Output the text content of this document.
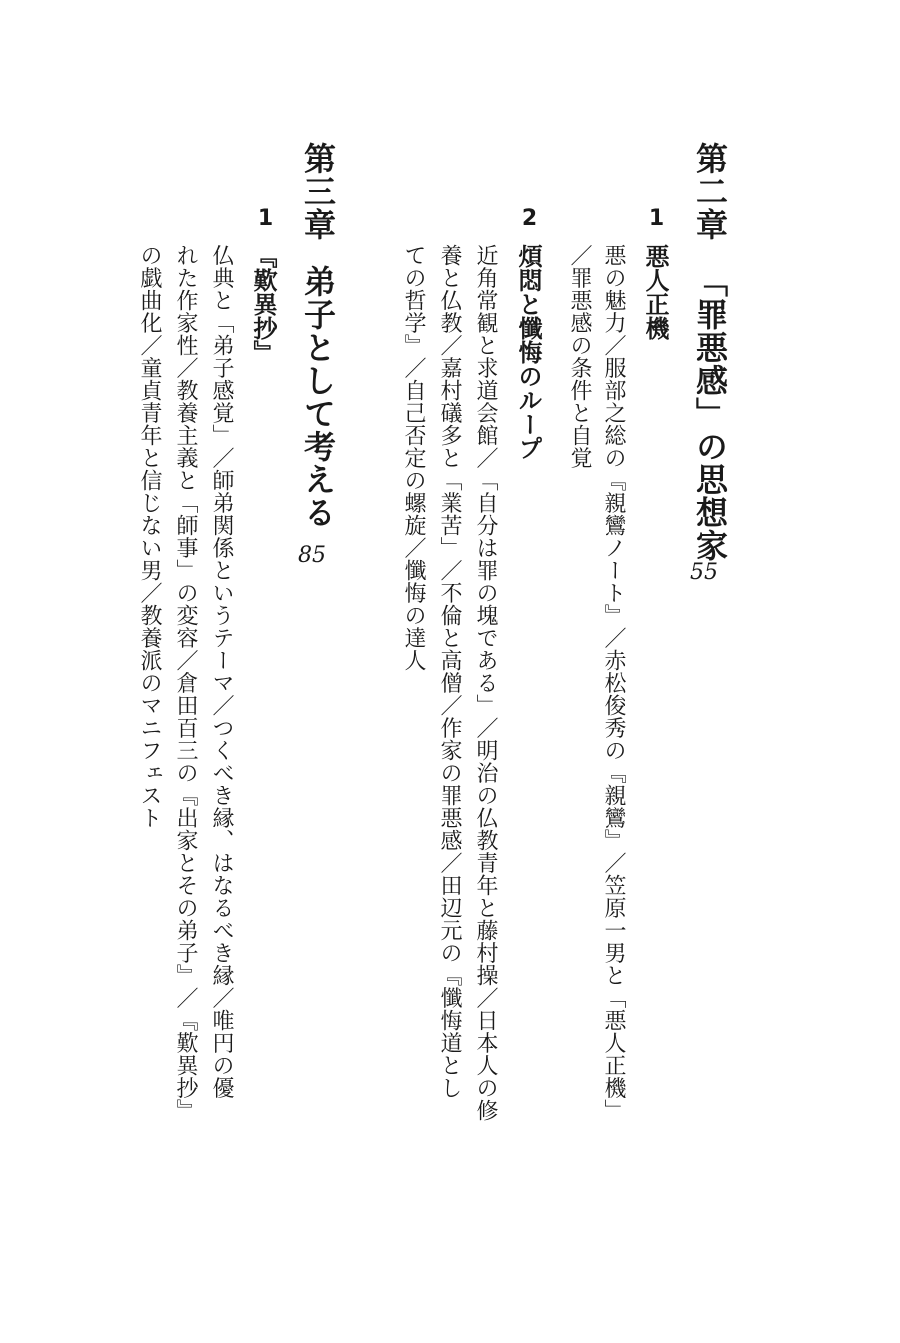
第二章「罪悪感」の思想家
55
1
悪人正機
悪の魅力／服部之総の『親鸞ノート』／赤松俊秀の『親鸞』／笠原一男と「悪人正機」
／罪悪感の条件と自覚
2
煩悶と懺悔のループ
近角常観と求道会館／「自分は罪の塊である」／明治の仏教青年と藤村操／日本人の修
養と仏教／嘉村礒多と「業苦」／不倫と高僧／作家の罪悪感／田辺元の『懺悔道とし
ての哲学』／自己否定の螺旋／懺悔の達人
第三章弟子として考える
85
1
『歎異抄』
仏典と「弟子感覚」／師弟関係というテーマ／つくべき縁、はなるべき縁／唯円の優
れた作家性／教養主義と「師事」の変容／倉田百三の『出家とその弟子』／『歎異抄』
の戯曲化／童貞青年と信じない男／教養派のマニフェスト
